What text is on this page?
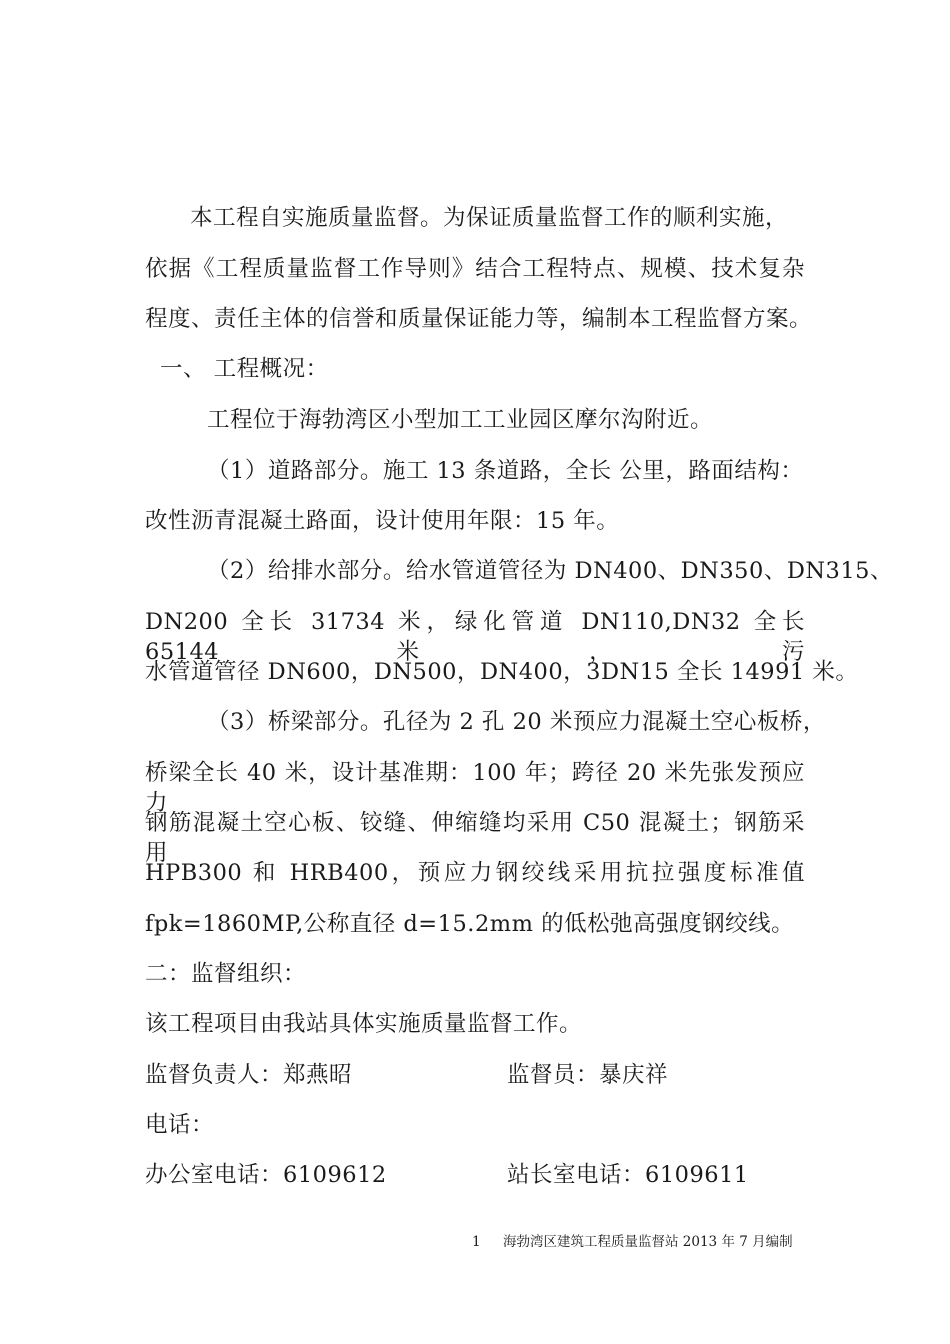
本工程自实施质量监督。为保证质量监督工作的顺利实施，
依据《工程质量监督工作导则》结合工程特点、规模、技术复杂
程度、责任主体的信誉和质量保证能力等，编制本工程监督方案。
一、 工程概况：
工程位于海勃湾区小型加工工业园区摩尔沟附近。
（1）道路部分。施工 13 条道路，全长 公里，路面结构：
改性沥青混凝土路面，设计使用年限：15 年。
（2）给排水部分。给水管道管径为 DN400、DN350、DN315、
DN200 全长 31734 米，绿化管道 DN110,DN32 全长 65144 米，污
水管道管径 DN600，DN500，DN400，3DN15 全长 14991 米。
（3）桥梁部分。孔径为 2 孔 20 米预应力混凝土空心板桥，
桥梁全长 40 米，设计基准期：100 年；跨径 20 米先张发预应力
钢筋混凝土空心板、铰缝、伸缩缝均采用 C50 混凝土；钢筋采用
HPB300 和 HRB400，预应力钢绞线采用抗拉强度标准值
fpk=1860MP,公称直径 d=15.2mm 的低松弛高强度钢绞线。
二：监督组织：
该工程项目由我站具体实施质量监督工作。
监督负责人：郑燕昭	监督员：暴庆祥
电话：
办公室电话：6109612	站长室电话：6109611
1 海勃湾区建筑工程质量监督站 2013 年 7 月编制
